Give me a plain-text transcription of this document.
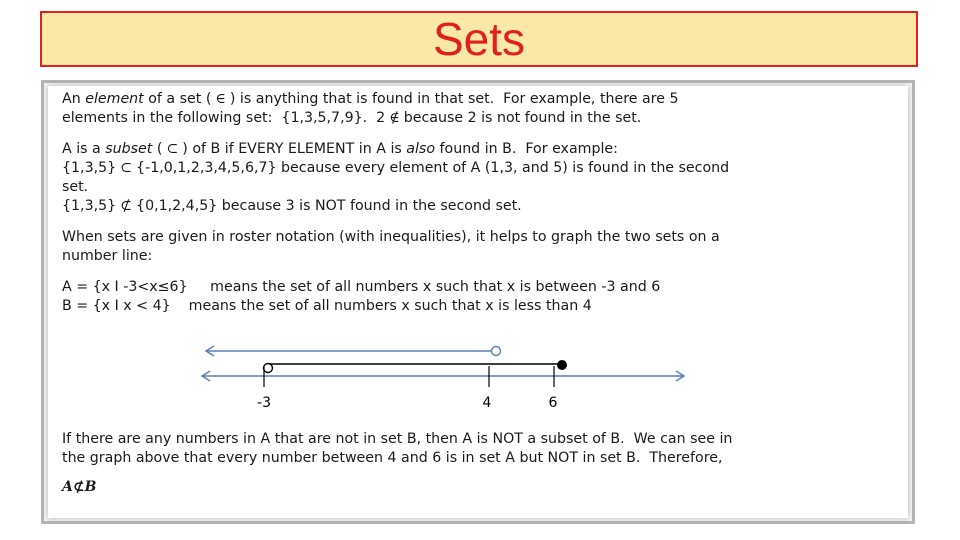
Sets

An element of a set ( ∈ ) is anything that is found in that set.  For example, there are 5

elements in the following set:  {1,3,5,7,9}.  2 ∉ because 2 is not found in the set.

A is a subset ( ⊂ ) of B if EVERY ELEMENT in A is also found in B.  For example:

{1,3,5} ⊂ {-1,0,1,2,3,4,5,6,7} because every element of A (1,3, and 5) is found in the second

set.

{1,3,5} ⊄ {0,1,2,4,5} because 3 is NOT found in the second set.

When sets are given in roster notation (with inequalities), it helps to graph the two sets on a

number line:

A = {x I -3<x≤6}     means the set of all numbers x such that x is between -3 and 6

B = {x I x < 4}    means the set of all numbers x such that x is less than 4

-3	4	6

If there are any numbers in A that are not in set B, then A is NOT a subset of B.  We can see in

the graph above that every number between 4 and 6 is in set A but NOT in set B.  Therefore,

A⊄B
